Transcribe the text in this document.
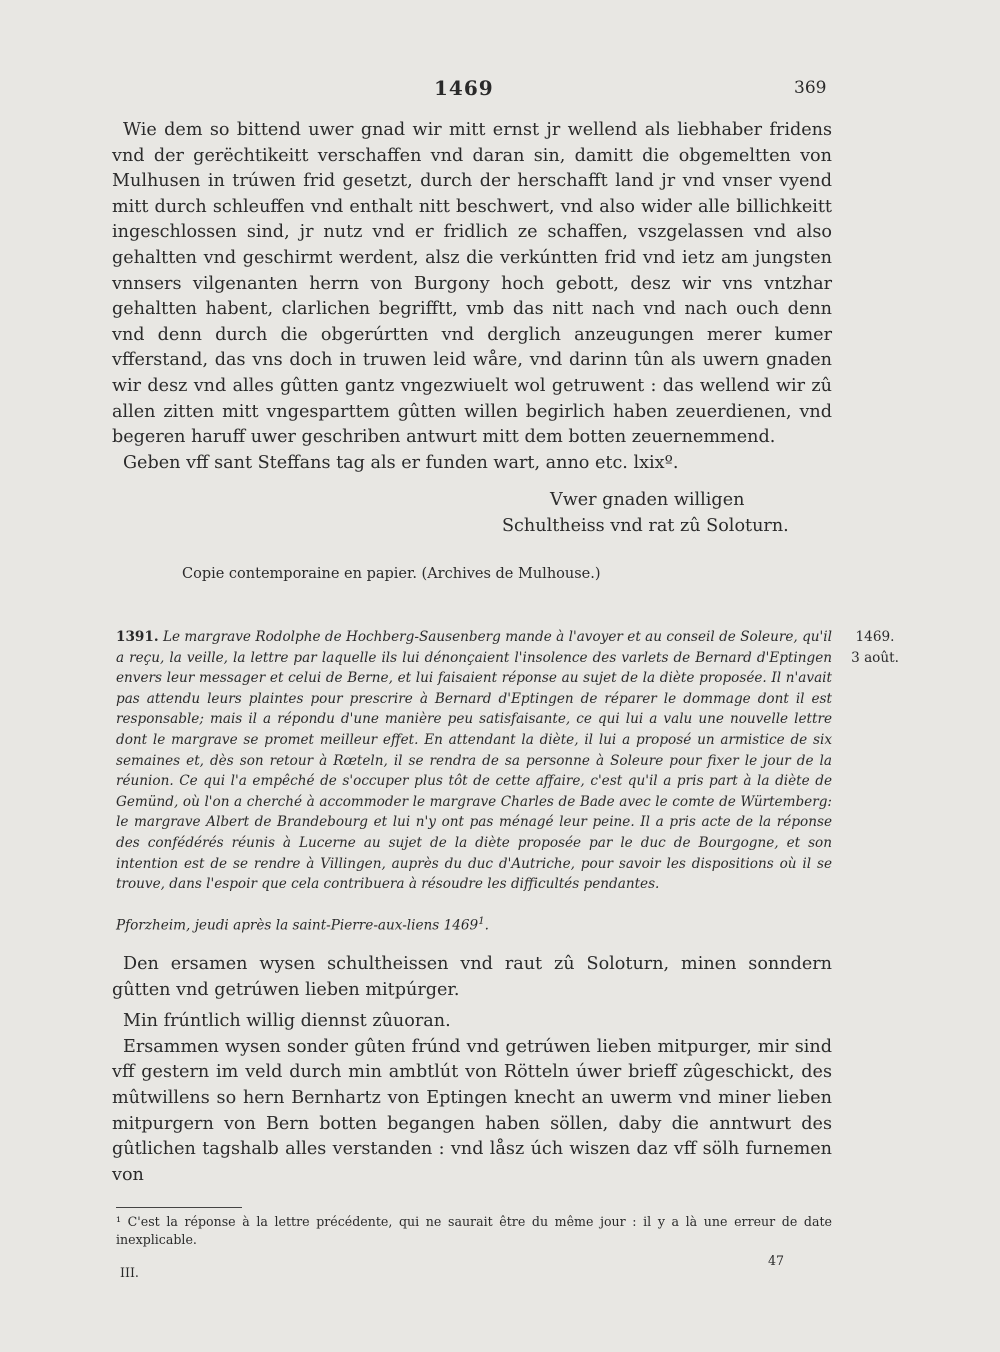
1469	369

Wie dem so bittend uwer gnad wir mitt ernst jr wellend als liebhaber fridens vnd der gerëchtikeitt verschaffen vnd daran sin, damitt die obgemeltten von Mulhusen in trúwen frid gesetzt, durch der herschafft land jr vnd vnser vyend mitt durch schleuffen vnd enthalt nitt beschwert, vnd also wider alle billichkeitt ingeschlossen sind, jr nutz vnd er fridlich ze schaffen, vszgelassen vnd also gehaltten vnd geschirmt werdent, alsz die verkúntten frid vnd ietz am jungsten vnnsers vilgenanten herrn von Burgony hoch gebott, desz wir vns vntzhar gehaltten habent, clarlichen begrifftt, vmb das nitt nach vnd nach ouch denn vnd denn durch die obgerúrtten vnd derglich anzeugungen merer kumer vfferstand, das vns doch in truwen leid wåre, vnd darinn tûn als uwern gnaden wir desz vnd alles gûtten gantz vngezwiuelt wol getruwent : das wellend wir zû allen zitten mitt vngesparttem gûtten willen begirlich haben zeuerdienen, vnd begeren haruff uwer geschriben antwurt mitt dem botten zeuernemmend.

Geben vff sant Steffans tag als er funden wart, anno etc. lxixº.

Vwer gnaden willigen
Schultheiss vnd rat zû Soloturn.
Copie contemporaine en papier. (Archives de Mulhouse.)
1391. Le margrave Rodolphe de Hochberg-Sausenberg mande à l'avoyer et au conseil de Soleure, qu'il a reçu, la veille, la lettre par laquelle ils lui dénonçaient l'insolence des varlets de Bernard d'Eptingen envers leur messager et celui de Berne, et lui faisaient réponse au sujet de la diète proposée. Il n'avait pas attendu leurs plaintes pour prescrire à Bernard d'Eptingen de réparer le dommage dont il est responsable; mais il a répondu d'une manière peu satisfaisante, ce qui lui a valu une nouvelle lettre dont le margrave se promet meilleur effet. En attendant la diète, il lui a proposé un armistice de six semaines et, dès son retour à Rœteln, il se rendra de sa personne à Soleure pour fixer le jour de la réunion. Ce qui l'a empêché de s'occuper plus tôt de cette affaire, c'est qu'il a pris part à la diète de Gemünd, où l'on a cherché à accommoder le margrave Charles de Bade avec le comte de Würtemberg: le margrave Albert de Brandebourg et lui n'y ont pas ménagé leur peine. Il a pris acte de la réponse des confédérés réunis à Lucerne au sujet de la diète proposée par le duc de Bourgogne, et son intention est de se rendre à Villingen, auprès du duc d'Autriche, pour savoir les dispositions où il se trouve, dans l'espoir que cela contribuera à résoudre les difficultés pendantes.
Pforzheim, jeudi après la saint-Pierre-aux-liens 1469$^1$.
1469.
3 août.

Den ersamen wysen schultheissen vnd raut zû Soloturn, minen sonndern gûtten vnd getrúwen lieben mitpúrger.

Min frúntlich willig diennst zûuoran.

Ersammen wysen sonder gûten frúnd vnd getrúwen lieben mitpurger, mir sind vff gestern im veld durch min ambtlút von Rötteln úwer brieff zûgeschickt, des mûtwillens so hern Bernhartz von Eptingen knecht an uwerm vnd miner lieben mitpurgern von Bern botten begangen haben söllen, daby die anntwurt des gûtlichen tagshalb alles verstanden : vnd låsz úch wiszen daz vff sölh furnemen von

¹ C'est la réponse à la lettre précédente, qui ne saurait être du même jour : il y a là une erreur de date inexplicable.
III.
47
